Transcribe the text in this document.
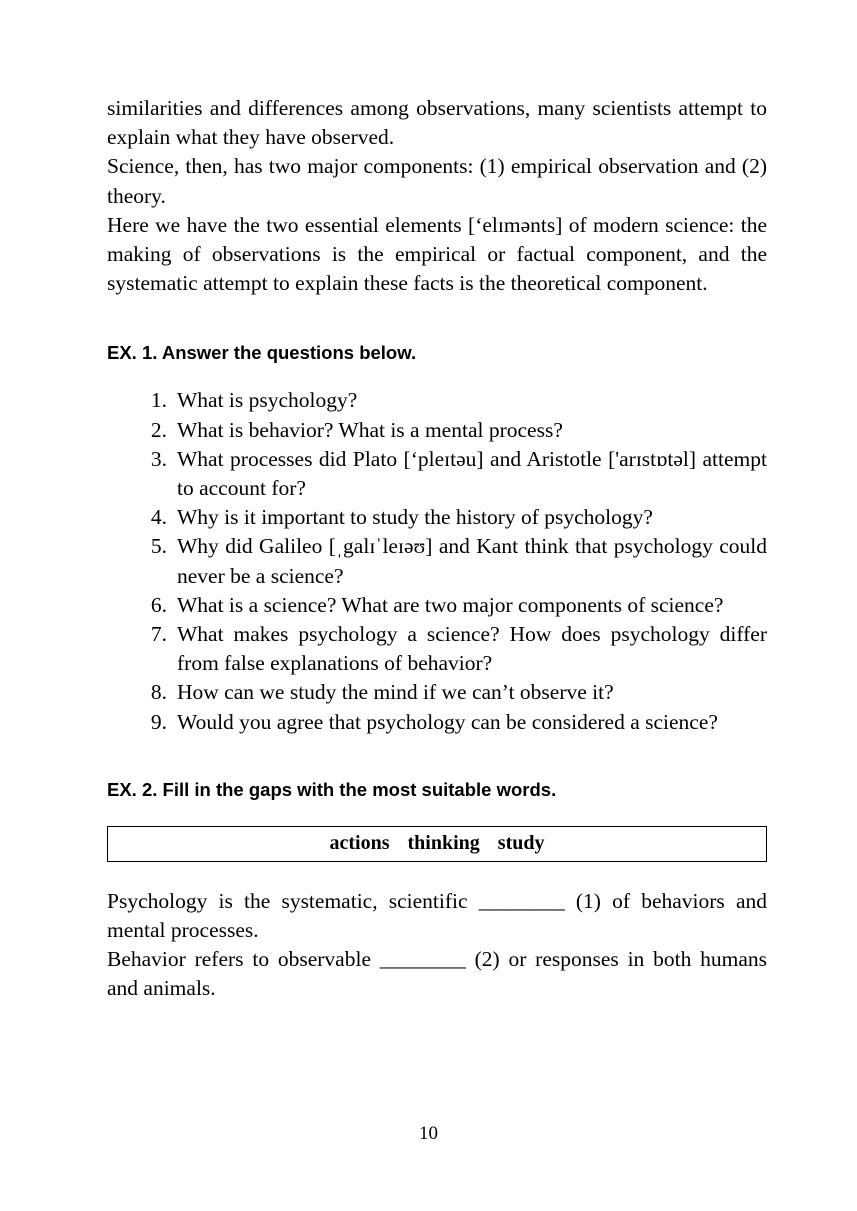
similarities and differences among observations, many scientists attempt to explain what they have observed.

Science, then, has two major components: (1) empirical observation and (2) theory.

Here we have the two essential elements [‘elɪmənts] of modern science: the making of observations is the empirical or factual component, and the systematic attempt to explain these facts is the theoretical component.

EX. 1. Answer the questions below.
1. What is psychology?
2. What is behavior? What is a mental process?
3. What processes did Plato [‘pleɪtəu] and Aristotle ['arɪstɒtəl] attempt to account for?
4. Why is it important to study the history of psychology?
5. Why did Galileo [ˌgalɪˈleɪəʊ] and Kant think that psychology could never be a science?
6. What is a science? What are two major components of science?
7. What makes psychology a science? How does psychology differ from false explanations of behavior?
8. How can we study the mind if we can’t observe it?
9. Would you agree that psychology can be considered a science?
EX. 2. Fill in the gaps with the most suitable words.
actions thinking study

Psychology is the systematic, scientific ________ (1) of behaviors and mental processes.

Behavior refers to observable ________ (2) or responses in both humans and animals.

10
